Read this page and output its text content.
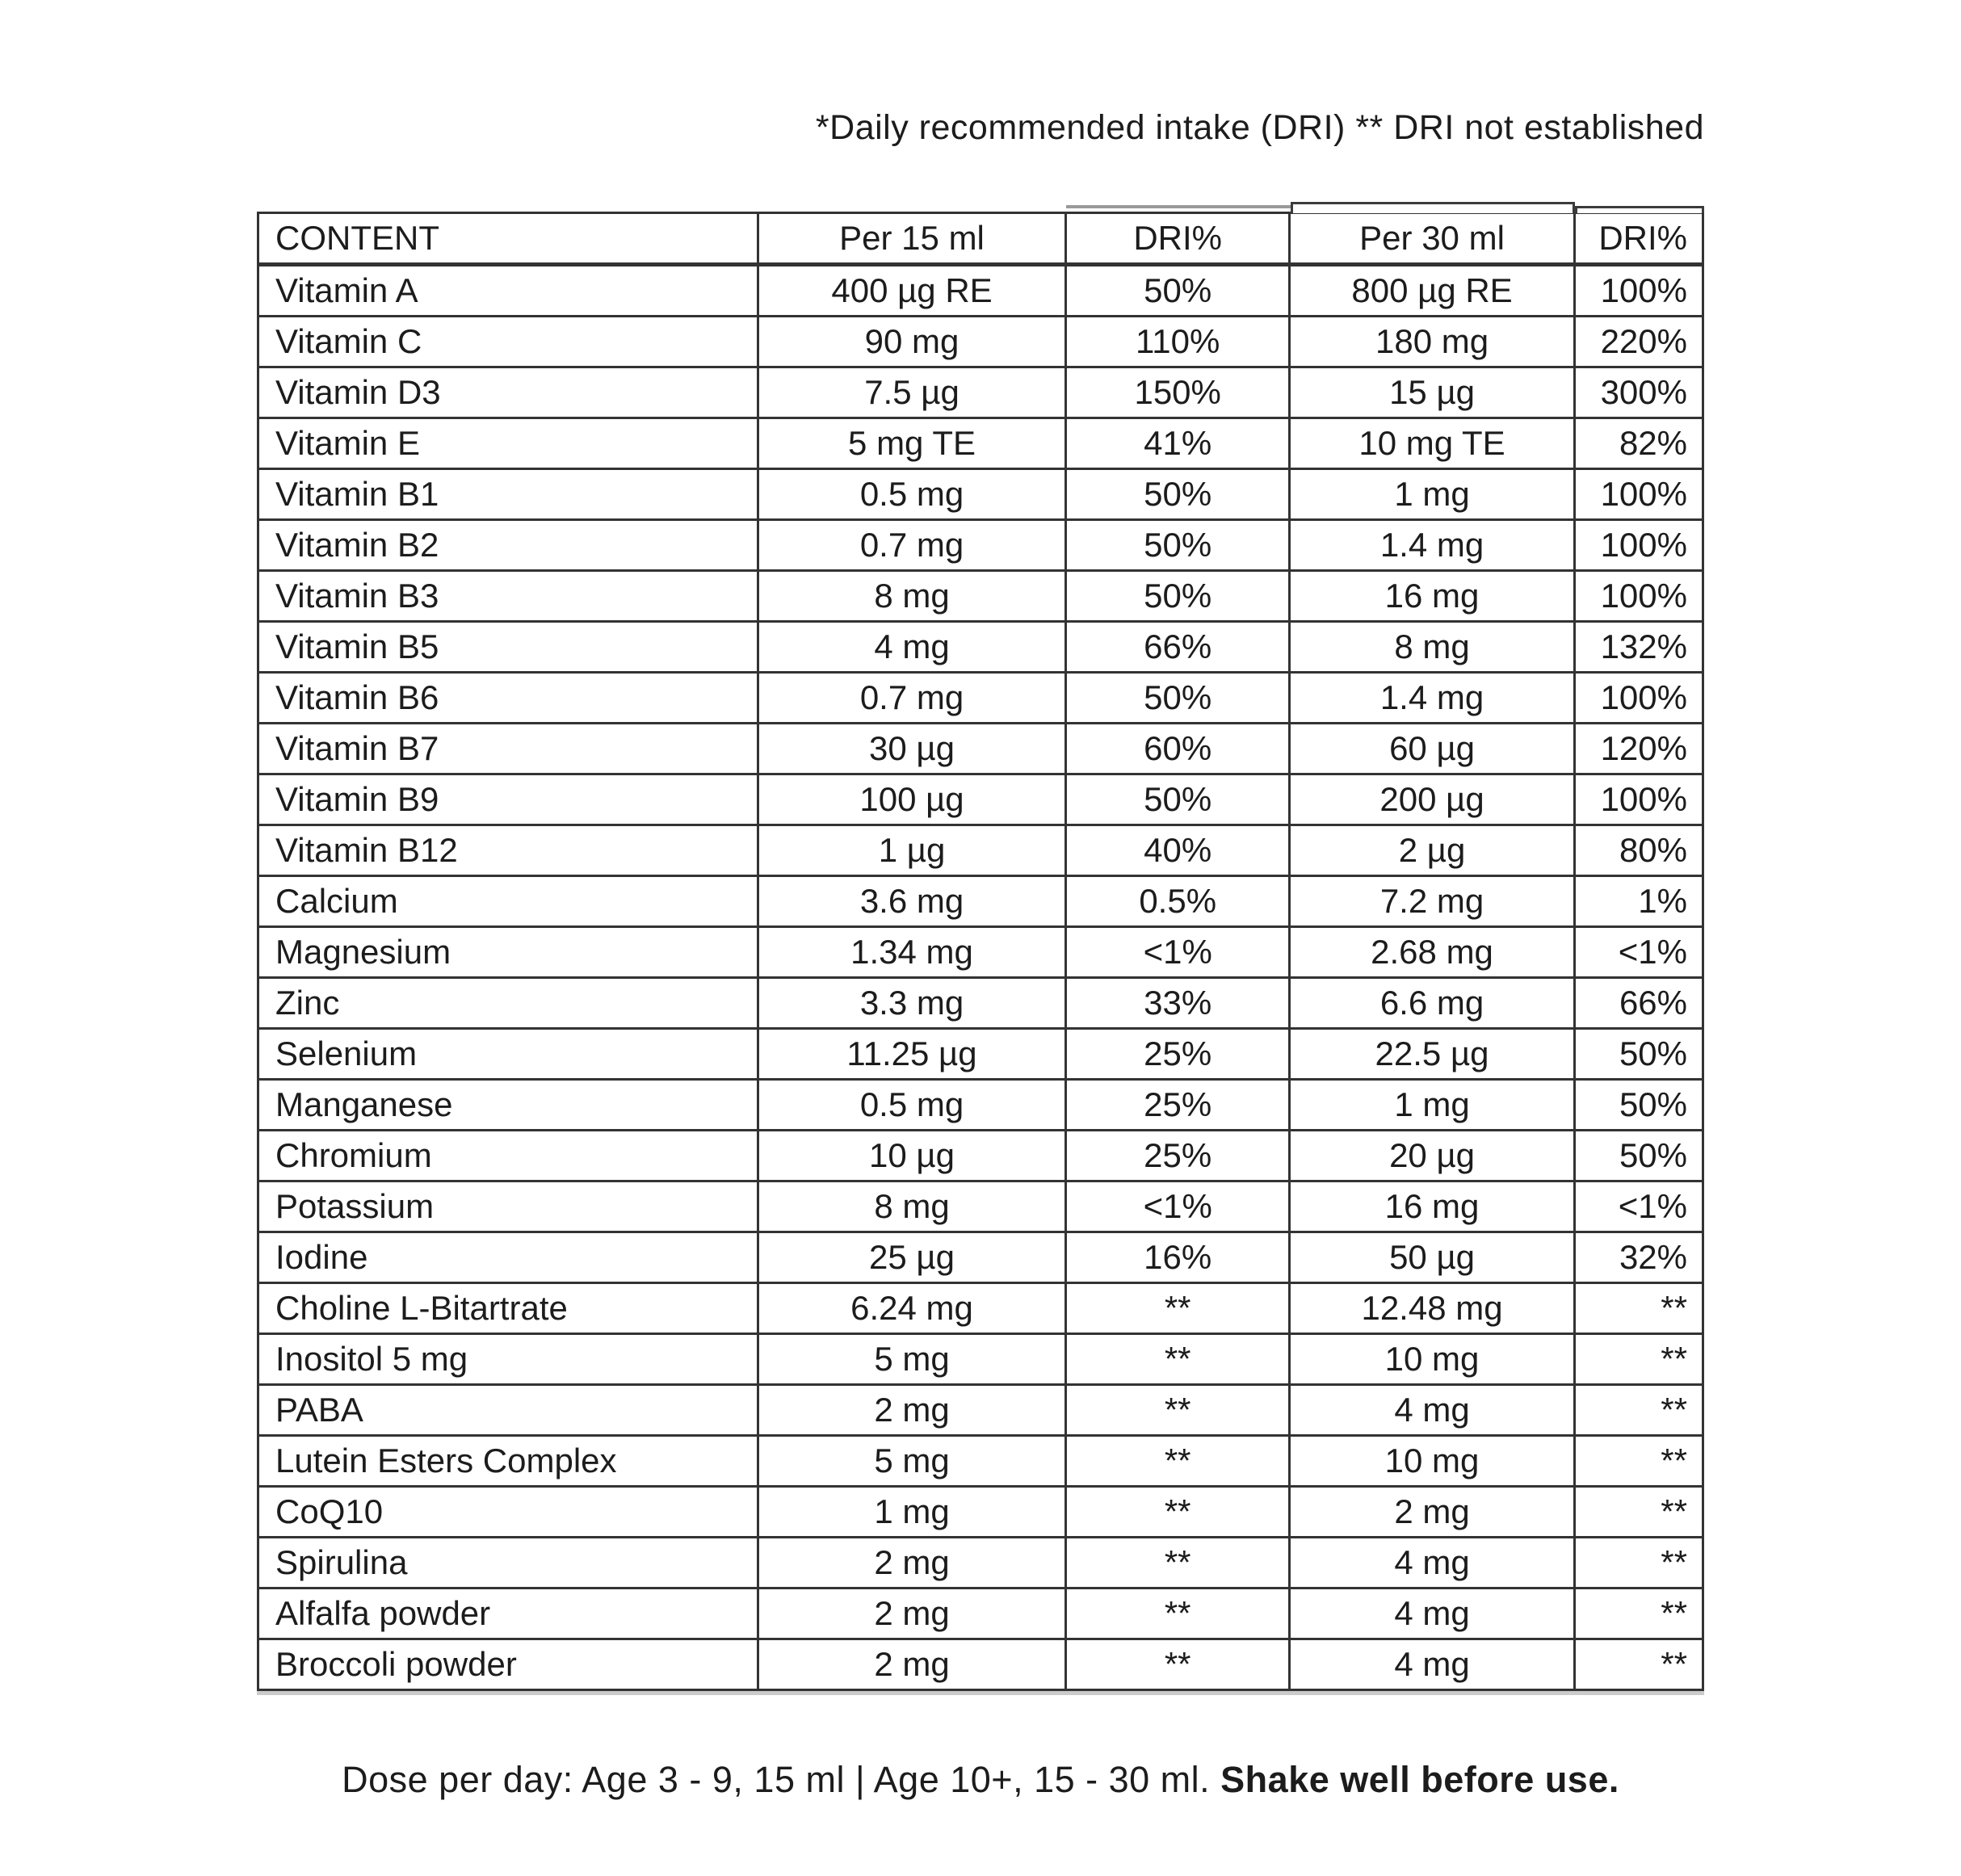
*Daily recommended intake (DRI) ** DRI not established
CONTENT	Per 15 ml	DRI%	Per 30 ml	DRI%
Vitamin A	400 µg RE	50%	800 µg RE	100%
Vitamin C	90 mg	110%	180 mg	220%
Vitamin D3	7.5 µg	150%	15 µg	300%
Vitamin E	5 mg TE	41%	10 mg TE	82%
Vitamin B1	0.5 mg	50%	1 mg	100%
Vitamin B2	0.7 mg	50%	1.4 mg	100%
Vitamin B3	8 mg	50%	16 mg	100%
Vitamin B5	4 mg	66%	8 mg	132%
Vitamin B6	0.7 mg	50%	1.4 mg	100%
Vitamin B7	30 µg	60%	60 µg	120%
Vitamin B9	100 µg	50%	200 µg	100%
Vitamin B12	1 µg	40%	2 µg	80%
Calcium	3.6 mg	0.5%	7.2 mg	1%
Magnesium	1.34 mg	<1%	2.68 mg	<1%
Zinc	3.3 mg	33%	6.6 mg	66%
Selenium	11.25 µg	25%	22.5 µg	50%
Manganese	0.5 mg	25%	1 mg	50%
Chromium	10 µg	25%	20 µg	50%
Potassium	8 mg	<1%	16 mg	<1%
Iodine	25 µg	16%	50 µg	32%
Choline L-Bitartrate	6.24 mg	**	12.48 mg	**
Inositol 5 mg	5 mg	**	10 mg	**
PABA	2 mg	**	4 mg	**
Lutein Esters Complex	5 mg	**	10 mg	**
CoQ10	1 mg	**	2 mg	**
Spirulina	2 mg	**	4 mg	**
Alfalfa powder	2 mg	**	4 mg	**
Broccoli powder	2 mg	**	4 mg	**
Dose per day: Age 3 - 9, 15 ml | Age 10+, 15 - 30 ml. Shake well before use.
